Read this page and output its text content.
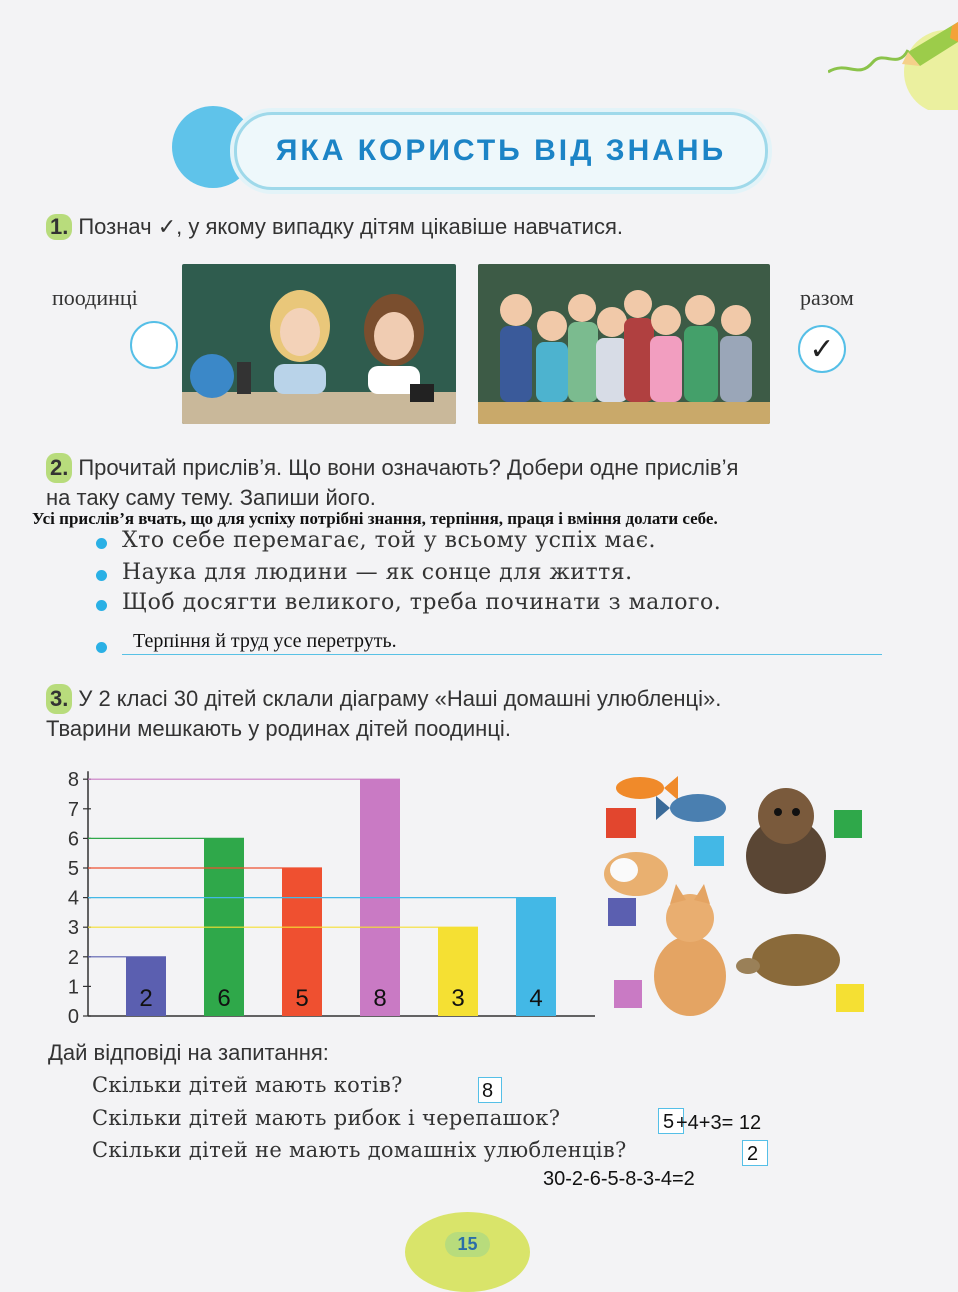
ЯКА КОРИСТЬ ВІД ЗНАНЬ
1. Познач ✓, у якому випадку дітям цікавіше навчатися.
поодинці	разом
✓
2. Прочитай прислів’я. Що вони означають? Добери одне прислів’я
на таку саму тему. Запиши його.
Усі прислів’я вчать, що для успіху потрібні знання, терпіння, праця і вміння долати себе.
Хто себе перемагає, той у всьому успіх має.
Наука для людини — як сонце для життя.
Щоб досягти великого, треба починати з малого.
Терпіння й труд усе перетруть.
3. У 2 класі 30 дітей склали діаграму «Наші домашні улюбленці».
Тварини мешкають у родинах дітей поодинці.
0
1
2
3
4
5
6
7
8
2	6	5	8	3	4
Дай відповіді на запитання:
Скільки дітей мають котів?	8
Скільки дітей мають рибок і черепашок?	5 +4+3= 12
Скільки дітей не мають домашніх улюбленців?	2
30-2-6-5-8-3-4=2
15
